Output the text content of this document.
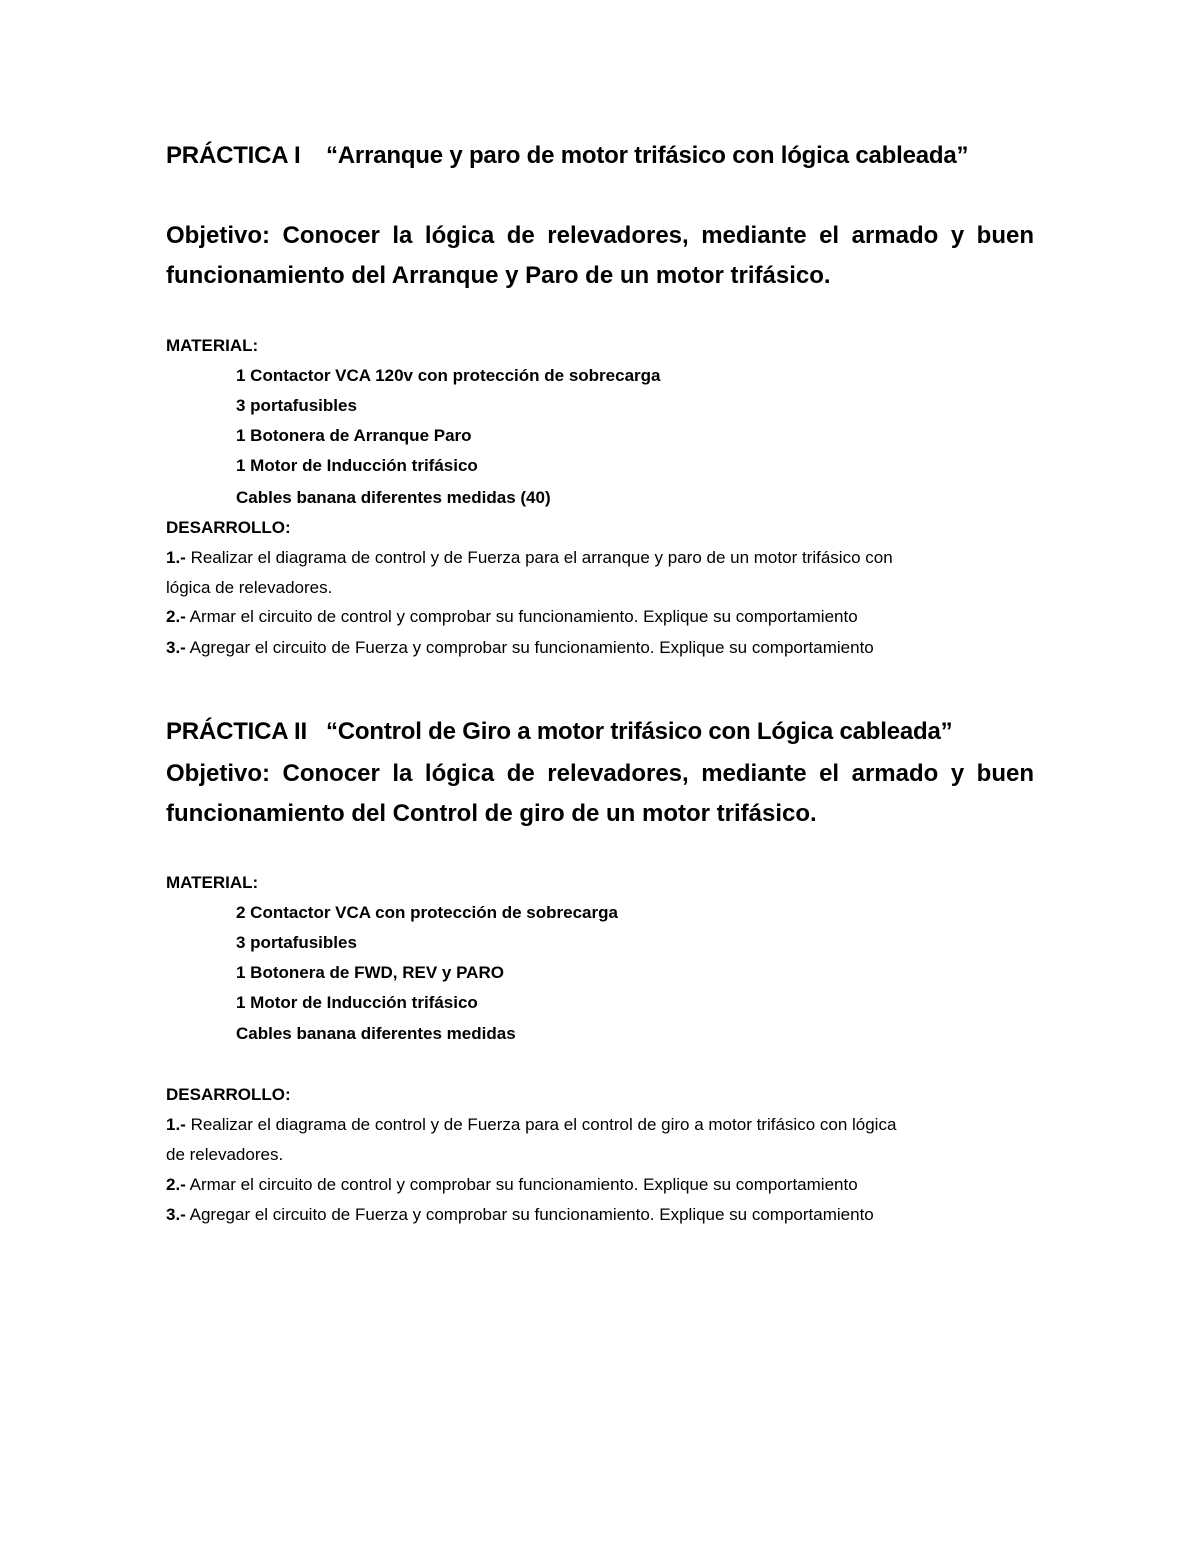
PRÁCTICA I “Arranque y paro de motor trifásico con lógica cableada”
Objetivo: Conocer la lógica de relevadores, mediante el armado y buen
funcionamiento del Arranque y Paro de un motor trifásico.
MATERIAL:
1 Contactor VCA 120v con protección de sobrecarga
3 portafusibles
1 Botonera de Arranque Paro
1 Motor de Inducción trifásico
Cables banana diferentes medidas (40)
DESARROLLO:
1.- Realizar el diagrama de control y de Fuerza para el arranque y paro de un motor trifásico con
lógica de relevadores.
2.- Armar el circuito de control y comprobar su funcionamiento. Explique su comportamiento
3.- Agregar el circuito de Fuerza y comprobar su funcionamiento. Explique su comportamiento
PRÁCTICA II “Control de Giro a motor trifásico con Lógica cableada”
Objetivo: Conocer la lógica de relevadores, mediante el armado y buen
funcionamiento del Control de giro de un motor trifásico.
MATERIAL:
2 Contactor VCA con protección de sobrecarga
3 portafusibles
1 Botonera de FWD, REV y PARO
1 Motor de Inducción trifásico
Cables banana diferentes medidas
DESARROLLO:
1.- Realizar el diagrama de control y de Fuerza para el control de giro a motor trifásico con lógica
de relevadores.
2.- Armar el circuito de control y comprobar su funcionamiento. Explique su comportamiento
3.- Agregar el circuito de Fuerza y comprobar su funcionamiento. Explique su comportamiento
